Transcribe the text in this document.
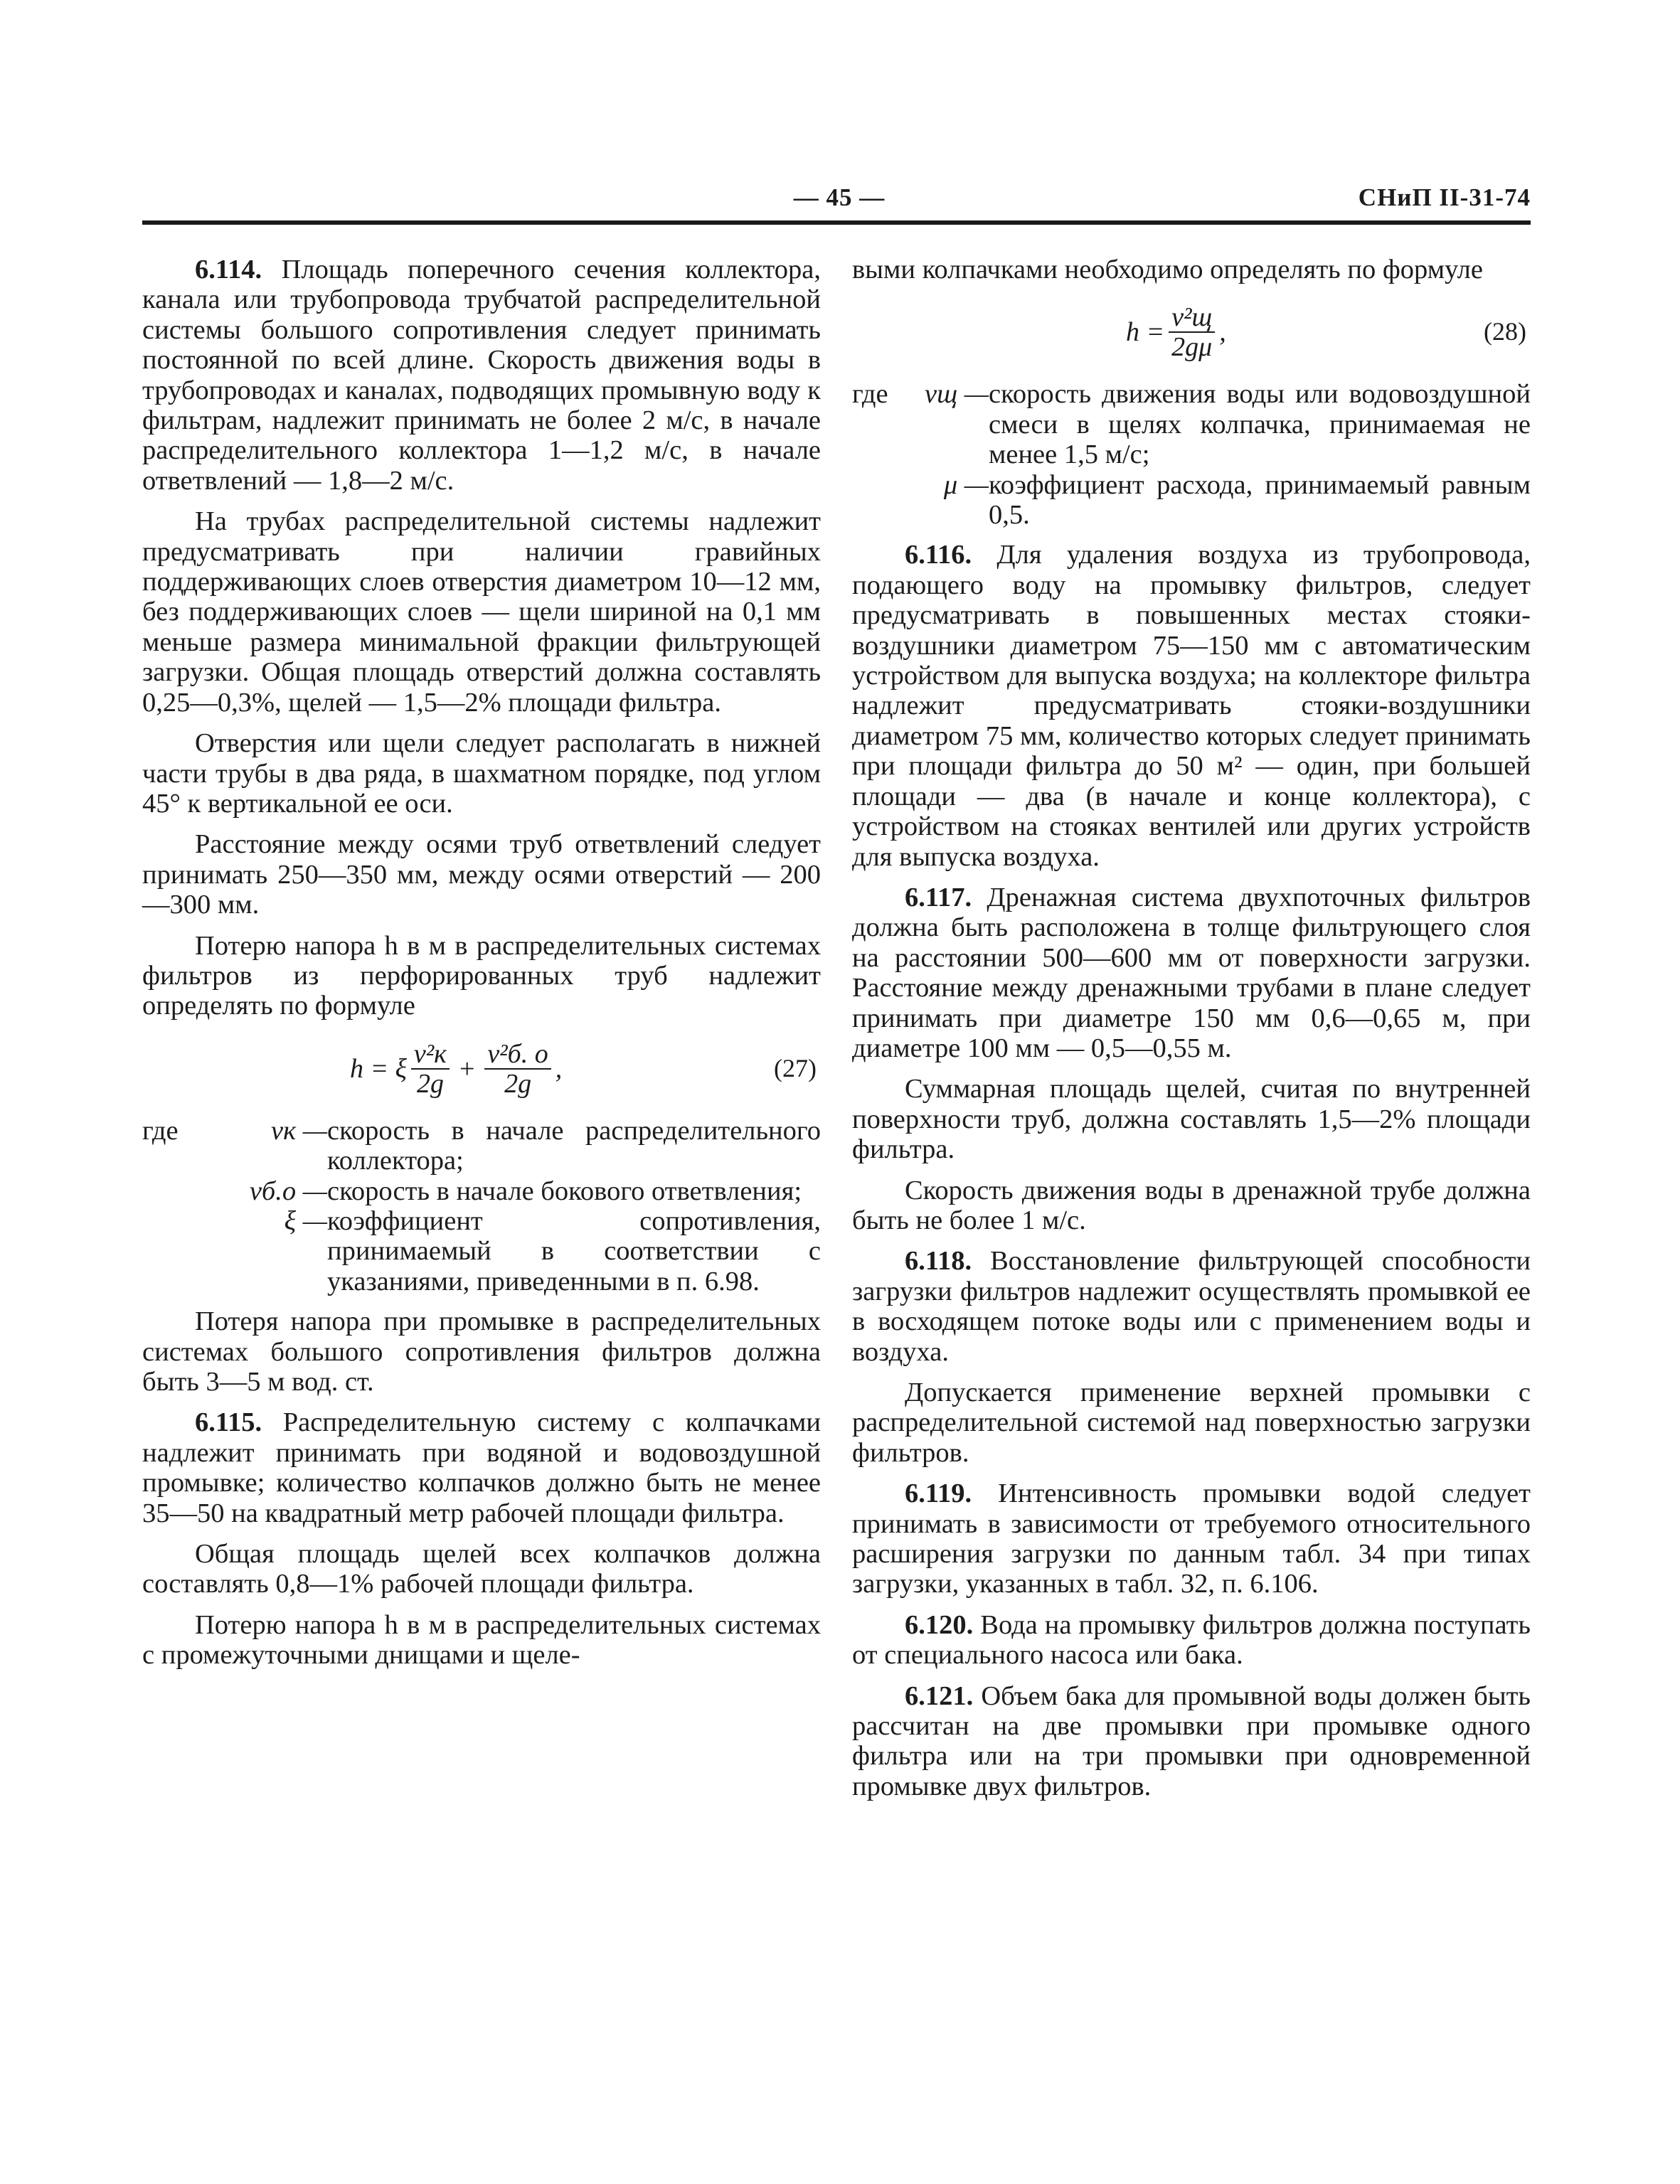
— 45 —	СНиП II-31-74

6.114. Площадь поперечного сечения коллектора, канала или трубопровода трубчатой распределительной системы большого сопротивления следует принимать постоянной по всей длине. Скорость движения воды в трубопроводах и каналах, подводящих промывную воду к фильтрам, надлежит принимать не более 2 м/с, в начале распределительного коллектора 1—1,2 м/с, в начале ответвлений — 1,8—2 м/с.

На трубах распределительной системы надлежит предусматривать при наличии гравийных поддерживающих слоев отверстия диаметром 10—12 мм, без поддерживающих слоев — щели шириной на 0,1 мм меньше размера минимальной фракции фильтрующей загрузки. Общая площадь отверстий должна составлять 0,25—0,3%, щелей — 1,5—2% площади фильтра.

Отверстия или щели следует располагать в нижней части трубы в два ряда, в шахматном порядке, под углом 45° к вертикальной ее оси.

Расстояние между осями труб ответвлений следует принимать 250—350 мм, между осями отверстий — 200—300 мм.

Потерю напора h в м в распределительных системах фильтров из перфорированных труб надлежит определять по формуле

h = ξ $\frac{\text{v²к}}{2g} + \frac{\text{v²б. о}}{2g}$ ,	(27)
где	vк — скорость в начале распределительного коллектора;
vб.о — скорость в начале бокового ответвления;
ξ — коэффициент сопротивления, принимаемый в соответствии с указаниями, приведенными в п. 6.98.

Потеря напора при промывке в распределительных системах большого сопротивления фильтров должна быть 3—5 м вод. ст.

6.115. Распределительную систему с колпачками надлежит принимать при водяной и водовоздушной промывке; количество колпачков должно быть не менее 35—50 на квадратный метр рабочей площади фильтра.

Общая площадь щелей всех колпачков должна составлять 0,8—1% рабочей площади фильтра.

Потерю напора h в м в распределительных системах с промежуточными днищами и щеле-

выми колпачками необходимо определять по формуле

$h = \frac{\text{v²щ}}{2g\mu}$ ,	(28)
где	vщ — скорость движения воды или водовоздушной смеси в щелях колпачка, принимаемая не менее 1,5 м/с;
μ — коэффициент расхода, принимаемый равным 0,5.

6.116. Для удаления воздуха из трубопровода, подающего воду на промывку фильтров, следует предусматривать в повышенных местах стояки-воздушники диаметром 75—150 мм с автоматическим устройством для выпуска воздуха; на коллекторе фильтра надлежит предусматривать стояки-воздушники диаметром 75 мм, количество которых следует принимать при площади фильтра до 50 м² — один, при большей площади — два (в начале и конце коллектора), с устройством на стояках вентилей или других устройств для выпуска воздуха.

6.117. Дренажная система двухпоточных фильтров должна быть расположена в толще фильтрующего слоя на расстоянии 500—600 мм от поверхности загрузки. Расстояние между дренажными трубами в плане следует принимать при диаметре 150 мм 0,6—0,65 м, при диаметре 100 мм — 0,5—0,55 м.

Суммарная площадь щелей, считая по внутренней поверхности труб, должна составлять 1,5—2% площади фильтра.

Скорость движения воды в дренажной трубе должна быть не более 1 м/с.

6.118. Восстановление фильтрующей способности загрузки фильтров надлежит осуществлять промывкой ее в восходящем потоке воды или с применением воды и воздуха.

Допускается применение верхней промывки с распределительной системой над поверхностью загрузки фильтров.

6.119. Интенсивность промывки водой следует принимать в зависимости от требуемого относительного расширения загрузки по данным табл. 34 при типах загрузки, указанных в табл. 32, п. 6.106.

6.120. Вода на промывку фильтров должна поступать от специального насоса или бака.

6.121. Объем бака для промывной воды должен быть рассчитан на две промывки при промывке одного фильтра или на три промывки при одновременной промывке двух фильтров.
